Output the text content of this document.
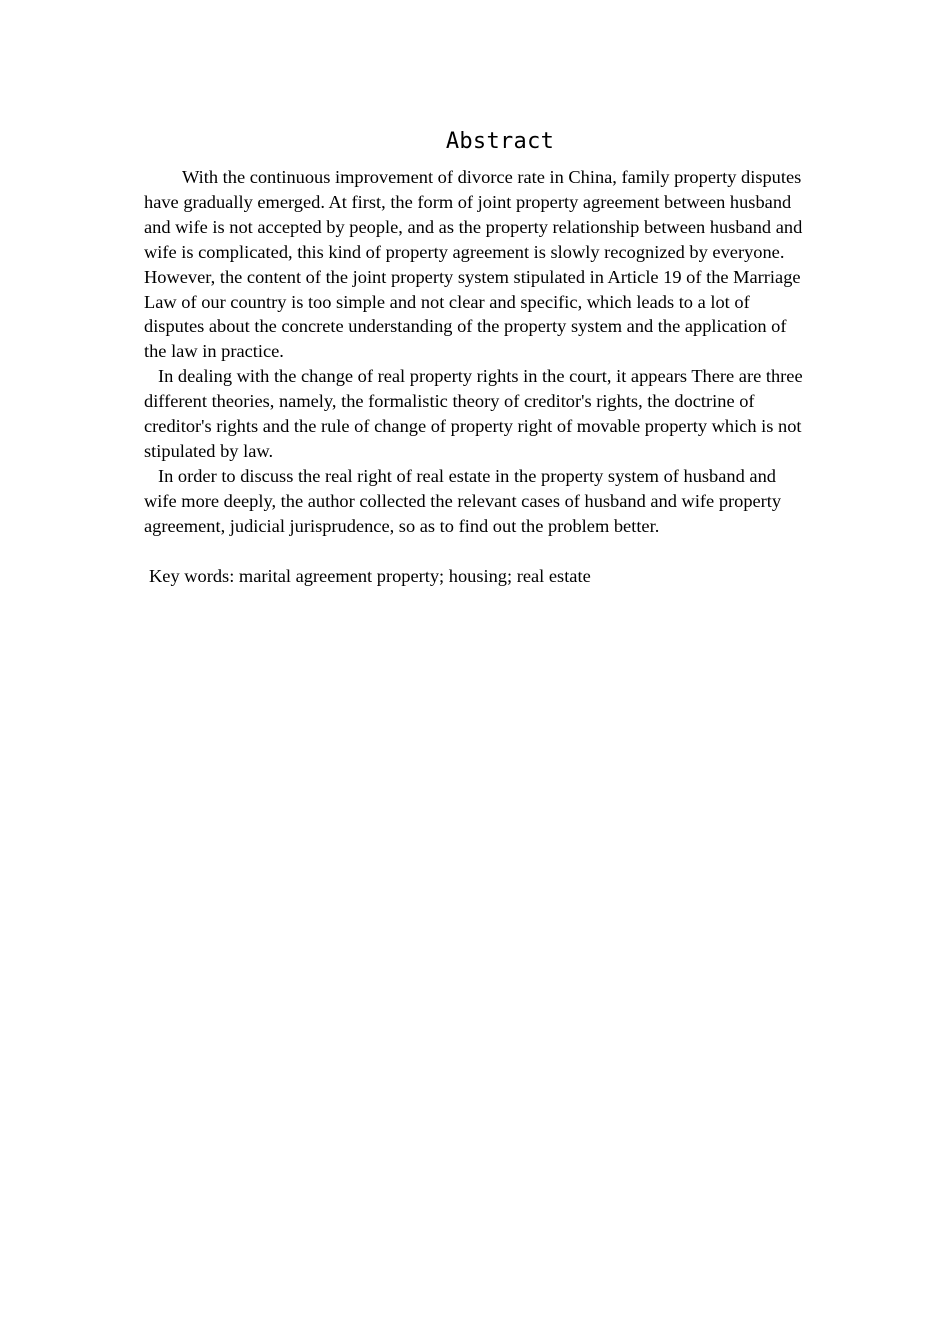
Abstract

With the continuous improvement of divorce rate in China, family property disputes have gradually emerged. At first, the form of joint property agreement between husband and wife is not accepted by people, and as the property relationship between husband and wife is complicated, this kind of property agreement is slowly recognized by everyone. However, the content of the joint property system stipulated in Article 19 of the Marriage Law of our country is too simple and not clear and specific, which leads to a lot of disputes about the concrete understanding of the property system and the application of the law in practice.

In dealing with the change of real property rights in the court, it appears There are three different theories, namely, the formalistic theory of creditor's rights, the doctrine of creditor's rights and the rule of change of property right of movable property which is not stipulated by law.

In order to discuss the real right of real estate in the property system of husband and wife more deeply, the author collected the relevant cases of husband and wife property agreement, judicial jurisprudence, so as to find out the problem better.

Key words: marital agreement property; housing; real estate
